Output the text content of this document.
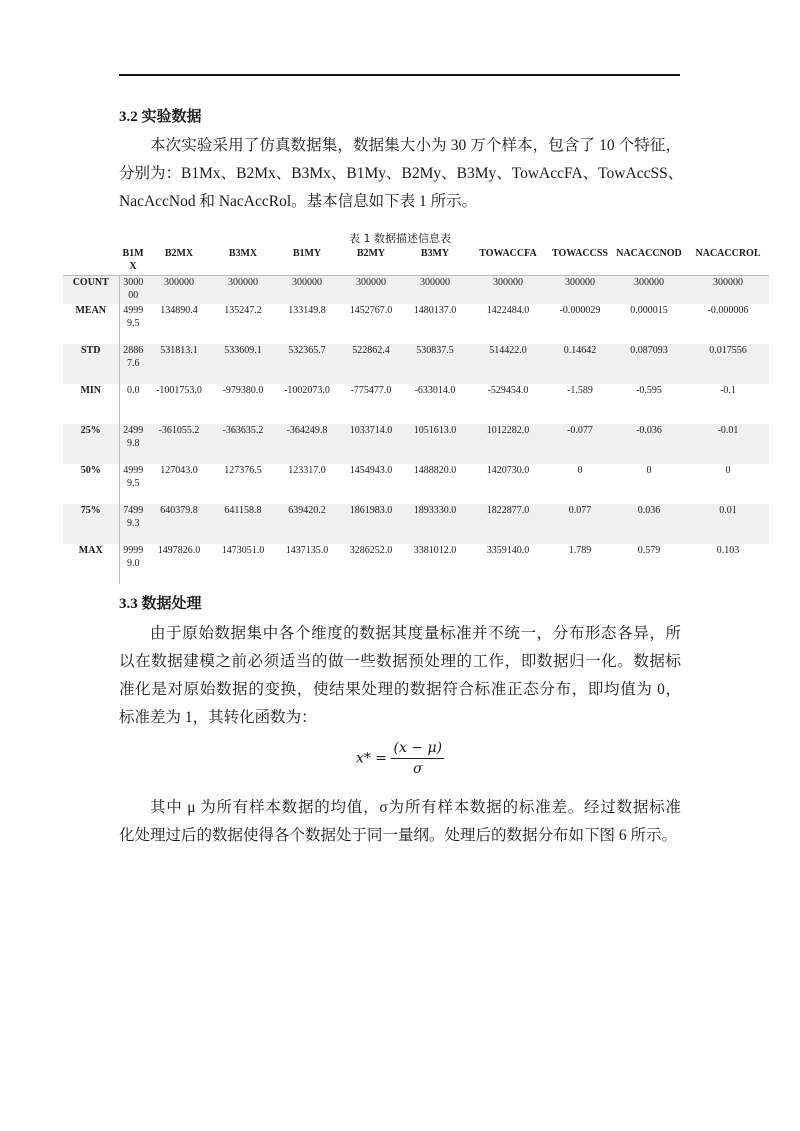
3.2 实验数据
本次实验采用了仿真数据集，数据集大小为 30 万个样本，包含了 10 个特征，
分别为：B1Mx、B2Mx、B3Mx、B1My、B2My、B3My、TowAccFA、TowAccSS、
NacAccNod 和 NacAccRol。基本信息如下表 1 所示。
表 1 数据描述信息表
	B1MX	B2MX	B3MX	B1MY	B2MY	B3MY	TOWACCFA	TOWACCSS	NACACCNOD	NACACCROL
COUNT	300000	300000	300000	300000	300000	300000	300000	300000	300000	300000
MEAN	49999.5	134890.4	135247.2	133149.8	1452767.0	1480137.0	1422484.0	-0.000029	0.000015	-0.000006
STD	28867.6	531813.1	533609.1	532365.7	522862.4	530837.5	514422.0	0.14642	0.087093	0.017556
MIN	0.0	-1001753.0	-979380.0	-1002073.0	-775477.0	-633014.0	-529454.0	-1.589	-0.595	-0.1
25%	24999.8	-361055.2	-363635.2	-364249.8	1033714.0	1051613.0	1012282.0	-0.077	-0.036	-0.01
50%	49999.5	127043.0	127376.5	123317.0	1454943.0	1488820.0	1420730.0	0	0	0
75%	74999.3	640379.8	641158.8	639420.2	1861983.0	1893330.0	1822877.0	0.077	0.036	0.01
MAX	99999.0	1497826.0	1473051.0	1437135.0	3286252.0	3381012.0	3359140.0	1.789	0.579	0.103
3.3 数据处理
由于原始数据集中各个维度的数据其度量标准并不统一，分布形态各异，所
以在数据建模之前必须适当的做一些数据预处理的工作，即数据归一化。数据标
准化是对原始数据的变换，使结果处理的数据符合标准正态分布，即均值为 0，
标准差为 1，其转化函数为：
$x* = \frac{(x - \mu)}{\sigma}$
其中 μ 为所有样本数据的均值，σ为所有样本数据的标准差。经过数据标准
化处理过后的数据使得各个数据处于同一量纲。处理后的数据分布如下图 6 所示。
